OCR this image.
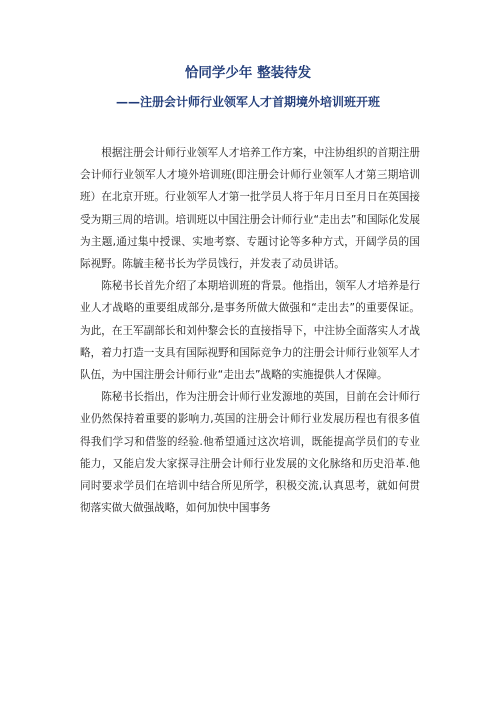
恰同学少年 整装待发
——注册会计师行业领军人才首期境外培训班开班

根据注册会计师行业领军人才培养工作方案，中注协组织的首期注册会计师行业领军人才境外培训班(即注册会计师行业领军人才第三期培训班）在北京开班。行业领军人才第一批学员人将于年月日至月日在英国接受为期三周的培训。培训班以中国注册会计师行业“走出去”和国际化发展为主题,通过集中授课、实地考察、专题讨论等多种方式，开阔学员的国际视野。陈毓圭秘书长为学员饯行，并发表了动员讲话。

陈秘书长首先介绍了本期培训班的背景。他指出，领军人才培养是行业人才战略的重要组成部分,是事务所做大做强和“走出去”的重要保证。为此，在王军副部长和刘仲黎会长的直接指导下，中注协全面落实人才战略，着力打造一支具有国际视野和国际竞争力的注册会计师行业领军人才队伍，为中国注册会计师行业“走出去”战略的实施提供人才保障。

陈秘书长指出，作为注册会计师行业发源地的英国，目前在会计师行业仍然保持着重要的影响力,英国的注册会计师行业发展历程也有很多值得我们学习和借鉴的经验.他希望通过这次培训，既能提高学员们的专业能力，又能启发大家探寻注册会计师行业发展的文化脉络和历史沿革.他同时要求学员们在培训中结合所见所学，积极交流,认真思考，就如何贯彻落实做大做强战略，如何加快中国事务
